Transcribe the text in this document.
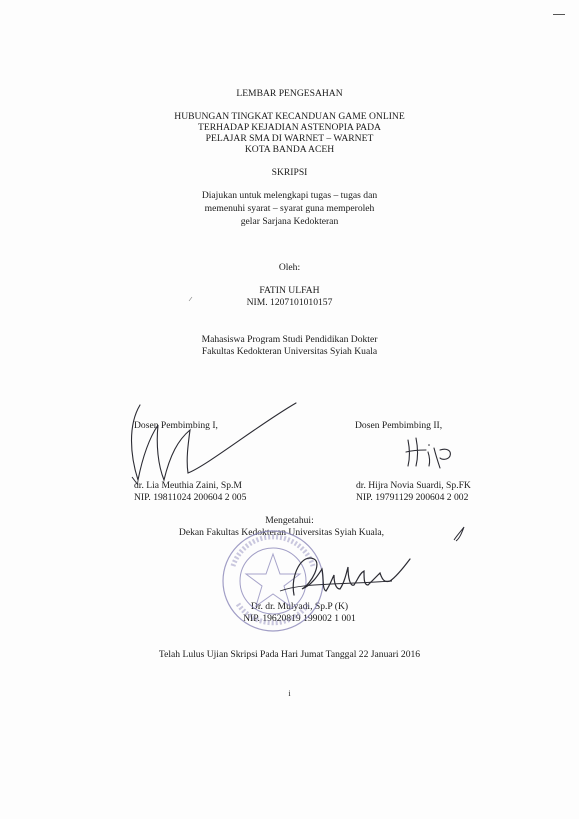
LEMBAR PENGESAHAN
HUBUNGAN TINGKAT KECANDUAN GAME ONLINE
TERHADAP KEJADIAN ASTENOPIA PADA
PELAJAR SMA DI WARNET – WARNET
KOTA BANDA ACEH
SKRIPSI
Diajukan untuk melengkapi tugas – tugas dan
memenuhi syarat – syarat guna memperoleh
gelar Sarjana Kedokteran
Oleh:
FATIN ULFAH
NIM. 1207101010157
Mahasiswa Program Studi Pendidikan Dokter
Fakultas Kedokteran Universitas Syiah Kuala
Dosen Pembimbing I,
dr. Lia Meuthia Zaini, Sp.M
NIP. 19811024 200604 2 005
Dosen Pembimbing II,
dr. Hijra Novia Suardi, Sp.FK
NIP. 19791129 200604 2 002
Mengetahui:
Dekan Fakultas Kedokteran Universitas Syiah Kuala,
Dr. dr. Mulyadi, Sp.P (K)
NIP. 19620819 199002 1 001
Telah Lulus Ujian Skripsi Pada Hari Jumat Tanggal 22 Januari 2016
i
